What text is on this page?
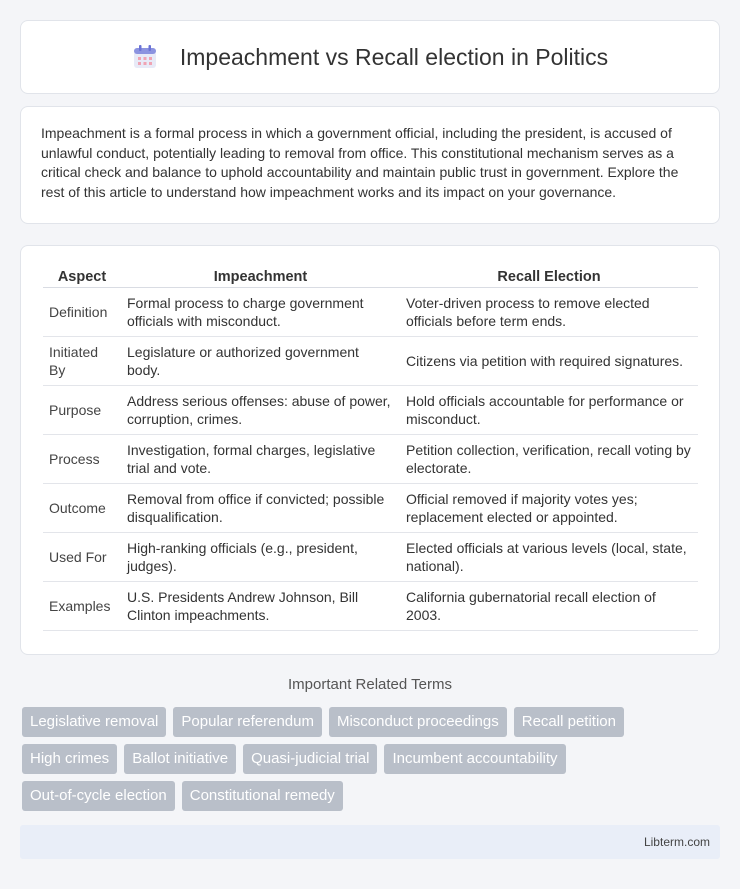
Impeachment vs Recall election in Politics

Impeachment is a formal process in which a government official, including the president, is accused of unlawful conduct, potentially leading to removal from office. This constitutional mechanism serves as a critical check and balance to uphold accountability and maintain public trust in government. Explore the rest of this article to understand how impeachment works and its impact on your governance.

Aspect	Impeachment	Recall Election
Definition	Formal process to charge government officials with misconduct.	Voter-driven process to remove elected officials before term ends.
Initiated By	Legislature or authorized government body.	Citizens via petition with required signatures.
Purpose	Address serious offenses: abuse of power, corruption, crimes.	Hold officials accountable for performance or misconduct.
Process	Investigation, formal charges, legislative trial and vote.	Petition collection, verification, recall voting by electorate.
Outcome	Removal from office if convicted; possible disqualification.	Official removed if majority votes yes; replacement elected or appointed.
Used For	High-ranking officials (e.g., president, judges).	Elected officials at various levels (local, state, national).
Examples	U.S. Presidents Andrew Johnson, Bill Clinton impeachments.	California gubernatorial recall election of 2003.
Important Related Terms
Legislative removal	Popular referendum	Misconduct proceedings	Recall petition
High crimes	Ballot initiative	Quasi-judicial trial	Incumbent accountability
Out-of-cycle election	Constitutional remedy
Libterm.com
